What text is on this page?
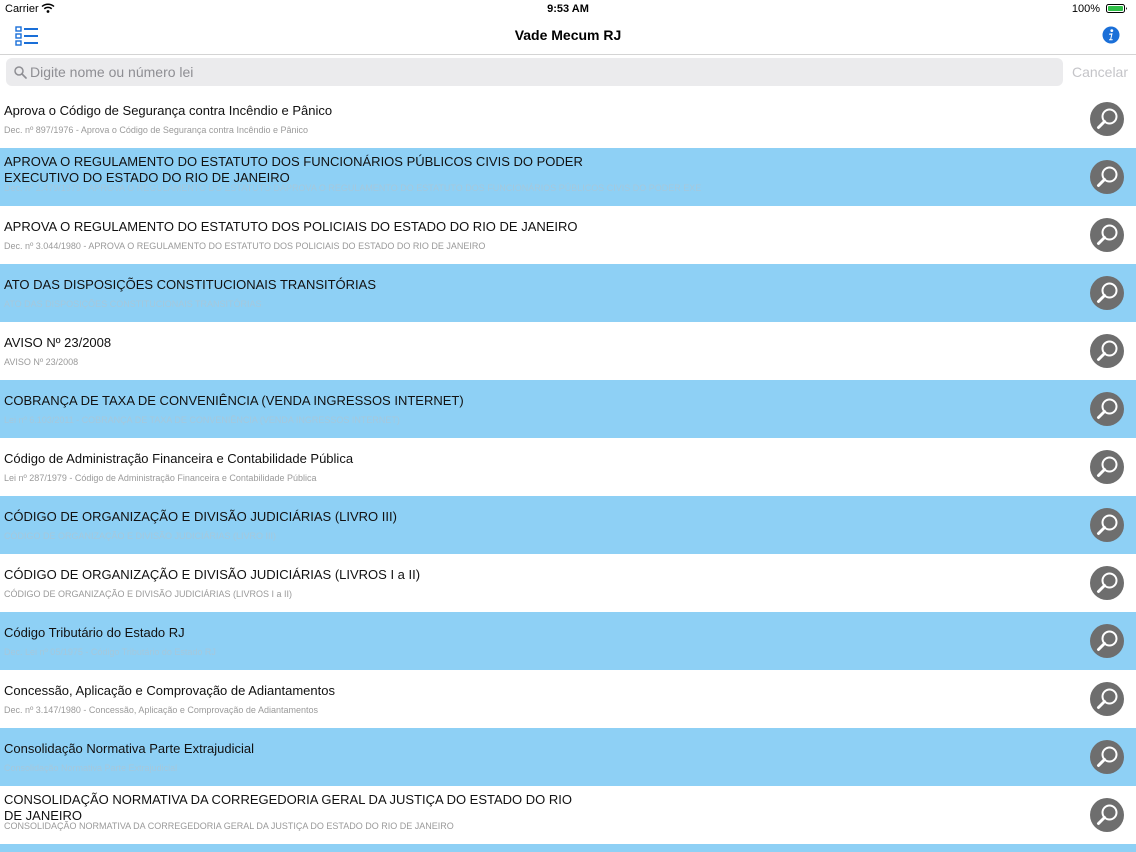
Carrier	9:53 AM	100%
Vade Mecum RJ
Digite nome ou número lei
Cancelar
Aprova o Código de Segurança contra Incêndio e Pânico
Dec. nº 897/1976 - Aprova o Código de Segurança contra Incêndio e Pânico
APROVA O REGULAMENTO DO ESTATUTO DOS FUNCIONÁRIOS PÚBLICOS CIVIS DO PODER EXECUTIVO DO ESTADO DO RIO DE JANEIRO
Dec. nº 2.479/1979 - APROVA O REGULAMENTO DO ESTATUTO DAPROVA O REGULAMENTO DO ESTATUTO DOS FUNCIONÁRIOS PÚBLICOS CIVIS DO PODER EXE
APROVA O REGULAMENTO DO ESTATUTO DOS POLICIAIS DO ESTADO DO RIO DE JANEIRO
Dec. nº 3.044/1980 - APROVA O REGULAMENTO DO ESTATUTO DOS POLICIAIS DO ESTADO DO RIO DE JANEIRO
ATO DAS DISPOSIÇÕES CONSTITUCIONAIS TRANSITÓRIAS
ATO DAS DISPOSIÇÕES CONSTITUCIONAIS TRANSITÓRIAS
AVISO Nº 23/2008
AVISO Nº 23/2008
COBRANÇA DE TAXA DE CONVENIÊNCIA (VENDA INGRESSOS INTERNET)
Lei nº 6.103/2011 - COBRANÇA DE TAXA DE CONVENIÊNCIA (VENDA INGRESSOS INTERNET)
Código de Administração Financeira e Contabilidade Pública
Lei nº 287/1979 - Código de Administração Financeira e Contabilidade Pública
CÓDIGO DE ORGANIZAÇÃO E DIVISÃO JUDICIÁRIAS (LIVRO III)
CÓDIGO DE ORGANIZAÇÃO E DIVISÃO JUDICIÁRIAS (LIVRO III)
CÓDIGO DE ORGANIZAÇÃO E DIVISÃO JUDICIÁRIAS (LIVROS I a II)
CÓDIGO DE ORGANIZAÇÃO E DIVISÃO JUDICIÁRIAS (LIVROS I a II)
Código Tributário do Estado RJ
Dec. Lei nº 05/1975 - Código Tributário do Estado RJ
Concessão, Aplicação e Comprovação de Adiantamentos
Dec. nº 3.147/1980 - Concessão, Aplicação e Comprovação de Adiantamentos
Consolidação Normativa Parte Extrajudicial
Consolidação Normativa Parte Extrajudicial
CONSOLIDAÇÃO NORMATIVA DA CORREGEDORIA GERAL DA JUSTIÇA DO ESTADO DO RIO DE JANEIRO
CONSOLIDAÇÃO NORMATIVA DA CORREGEDORIA GERAL DA JUSTIÇA DO ESTADO DO RIO DE JANEIRO
